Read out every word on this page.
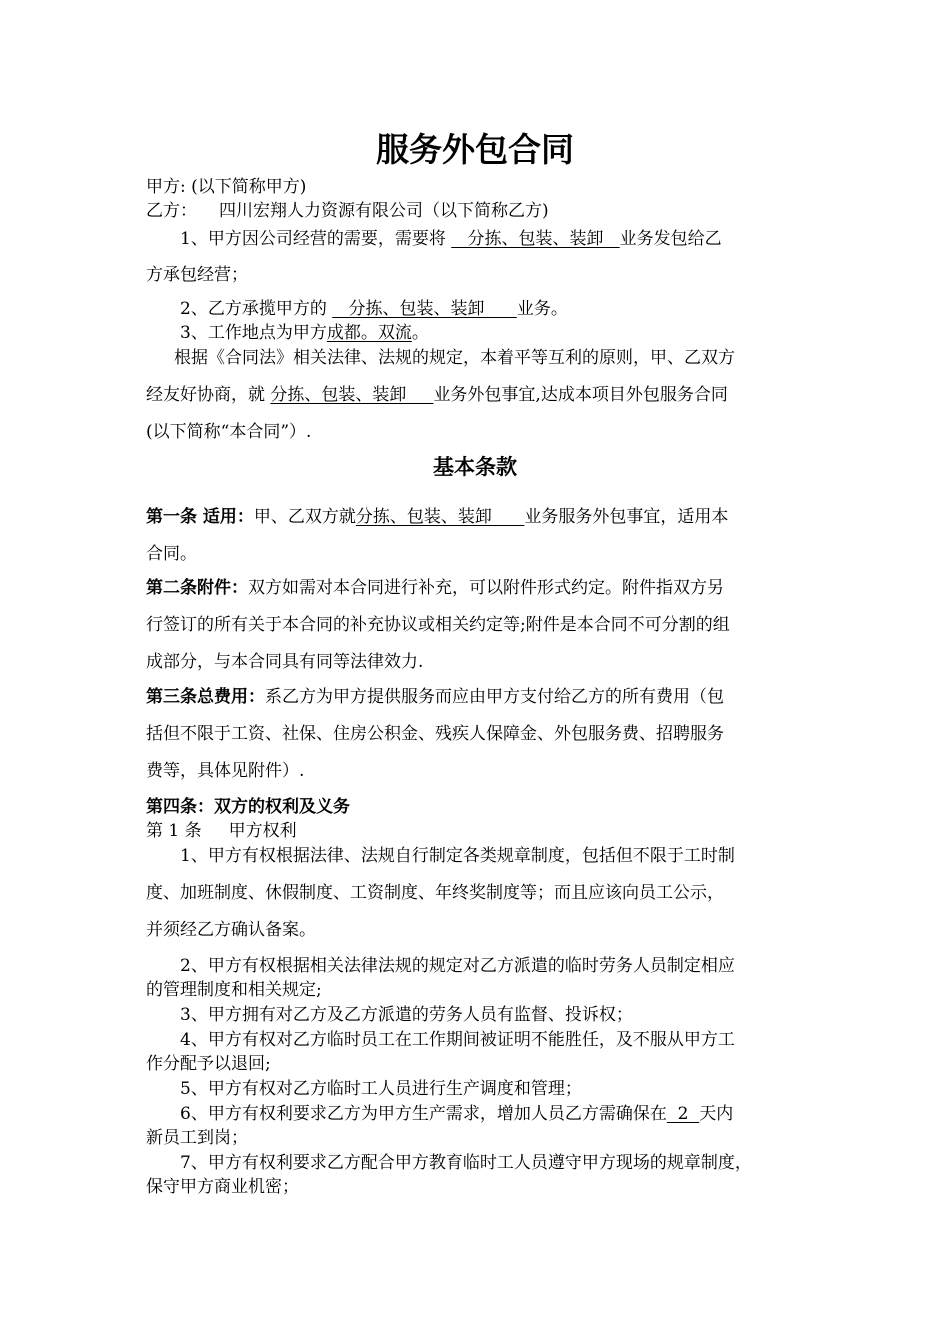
服务外包合同
甲方: (以下简称甲方)
乙方： 四川宏翔人力资源有限公司（以下简称乙方)
1、甲方因公司经营的需要，需要将    分拣、包装、装卸   业务发包给乙
方承包经营；
2、乙方承揽甲方的    分拣、包装、装卸      业务。
3、工作地点为甲方成都。双流。
根据《合同法》相关法律、法规的规定，本着平等互利的原则，甲、乙双方
经友好协商，就 分拣、包装、装卸     业务外包事宜,达成本项目外包服务合同
(以下简称“本合同”）.
基本条款
第一条 适用：甲、乙双方就分拣、包装、装卸      业务服务外包事宜，适用本
合同。
第二条附件：双方如需对本合同进行补充，可以附件形式约定。附件指双方另
行签订的所有关于本合同的补充协议或相关约定等;附件是本合同不可分割的组
成部分，与本合同具有同等法律效力.
第三条总费用：系乙方为甲方提供服务而应由甲方支付给乙方的所有费用（包
括但不限于工资、社保、住房公积金、残疾人保障金、外包服务费、招聘服务
费等，具体见附件）.
第四条：双方的权利及义务
第 1 条     甲方权利
1、甲方有权根据法律、法规自行制定各类规章制度，包括但不限于工时制
度、加班制度、休假制度、工资制度、年终奖制度等；而且应该向员工公示，
并须经乙方确认备案。
2、甲方有权根据相关法律法规的规定对乙方派遣的临时劳务人员制定相应
的管理制度和相关规定;
3、甲方拥有对乙方及乙方派遣的劳务人员有监督、投诉权；
4、甲方有权对乙方临时员工在工作期间被证明不能胜任，及不服从甲方工
作分配予以退回;
5、甲方有权对乙方临时工人员进行生产调度和管理；
6、甲方有权利要求乙方为甲方生产需求，增加人员乙方需确保在  2  天内
新员工到岗；
7、甲方有权利要求乙方配合甲方教育临时工人员遵守甲方现场的规章制度，
保守甲方商业机密；
